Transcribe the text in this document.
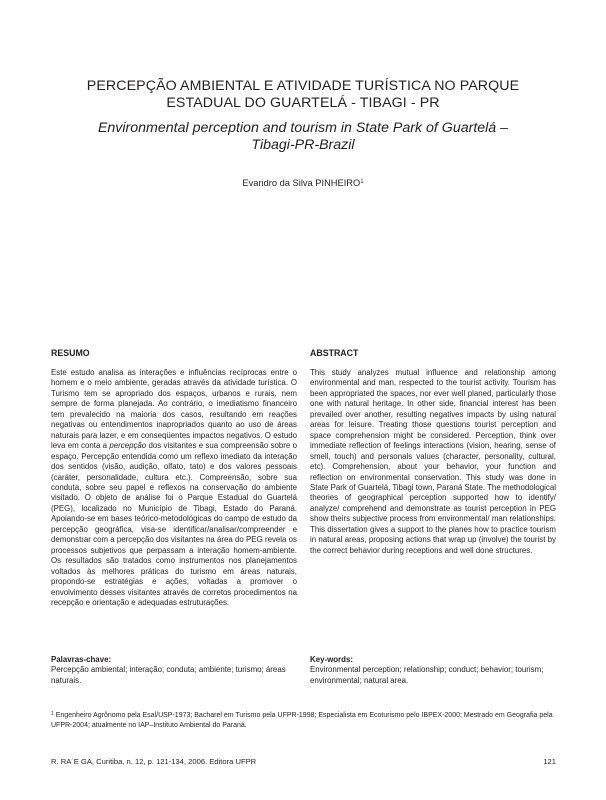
PERCEPÇÃO AMBIENTAL E ATIVIDADE TURÍSTICA NO PARQUE
ESTADUAL DO GUARTELÁ - TIBAGI - PR
Environmental perception and tourism in State Park of Guartelá –
Tibagi-PR-Brazil
Evandro da Silva PINHEIRO$^1$

RESUMO

Este estudo analisa as interações e influências recíprocas entre o homem e o meio ambiente, geradas através da atividade turística. O Turismo tem se apropriado dos espaços, urbanos e rurais, nem sempre de forma planejada. Ao contrário, o imediatismo financeiro tem prevalecido na maioria dos casos, resultando em reações negativas ou entendimentos inapropriados quanto ao uso de áreas naturais para lazer, e em conseqüentes impactos negativos. O estudo leva em conta a percepção dos visitantes e sua compreensão sobre o espaço. Percepção entendida como um reflexo imediato da interação dos sentidos (visão, audição, olfato, tato) e dos valores pessoais (caráter, personalidade, cultura etc.). Compreensão, sobre sua conduta, sobre seu papel e reflexos na conservação do ambiente visitado. O objeto de análise foi o Parque Estadual do Guartelá (PEG), localizado no Município de Tibagi, Estado do Paraná. Apoiando-se em bases teórico-metodológicas do campo de estudo da percepção geográfica, visa-se identificar/analisar/compreender e demonstrar com a percepção dos visitantes na área do PEG revela os processos subjetivos que perpassam a interação homem-ambiente. Os resultados são tratados como instrumentos nos planejamentos voltados às melhores práticas do turismo em áreas naturais, propondo-se estratégias e ações, voltadas a promover o envolvimento desses visitantes através de corretos procedimentos na recepção e orientação e adequadas estruturações.

ABSTRACT

This study analyzes mutual influence and relationship among environmental and man, respected to the tourist activity. Tourism has been appropriated the spaces, nor ever well planed, particularly those one with natural heritage. In other side, financial interest has been prevailed over another, resulting negatives impacts by using natural areas for leisure. Treating those questions tourist perception and space comprehension might be considered. Perception, think over immediate reflection of feelings interactions (vision, hearing, sense of smell, touch) and personals values (character, personality, cultural, etc). Comprehension, about your behavior, your function and reflection on environmental conservation. This study was done in State Park of Guartelá, Tibagi town, Paraná State. The methodological theories of geographical perception supported how to identify/ analyze/ comprehend and demonstrate as tourist perception in PEG show theirs subjective process from environmental/ man relationships. This dissertation gives a support to the planes how to practice tourism in natural areas, proposing actions that wrap up (involve) the tourist by the correct behavior during receptions and well done structures.

Palavras-chave:

Percepção ambiental; interação; conduta; ambiente; turismo; áreas naturais.

Key-words:

Environmental perception; relationship; conduct; behavior; tourism; environmental; natural area.

$^1$ Engenheiro Agrônomo pela Esal/USP-1973; Bacharel em Turismo pela UFPR-1998; Especialista em Ecoturismo pelo IBPEX-2000; Mestrado em Geografia pela UFPR-2004; atualmente no IAP–Instituto Ambiental do Paraná.
R. RA´E GA, Curitiba, n. 12, p. 121-134, 2006. Editora UFPR	121
